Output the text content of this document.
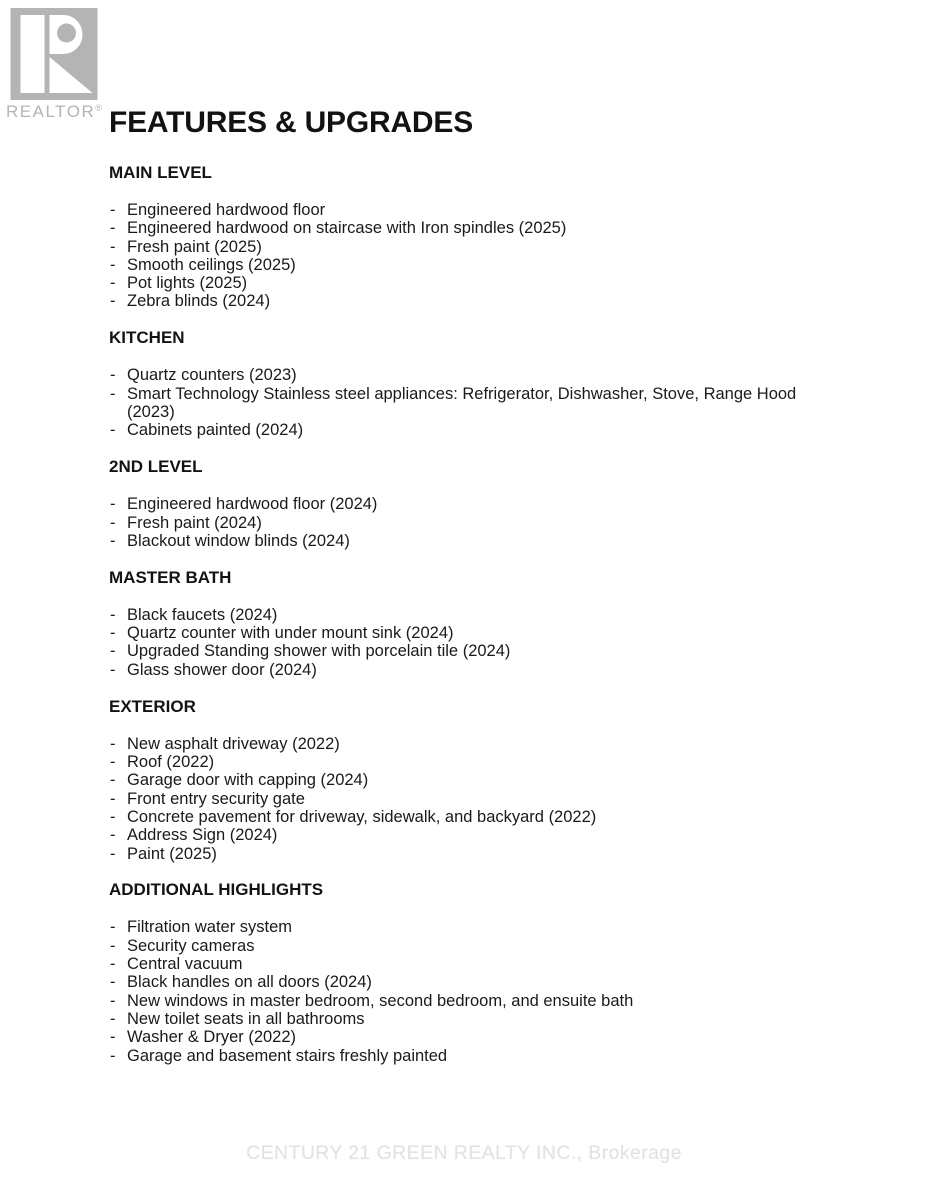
REALTOR® FEATURES & UPGRADES
MAIN LEVEL
- Engineered hardwood floor
- Engineered hardwood on staircase with Iron spindles (2025)
- Fresh paint (2025)
- Smooth ceilings (2025)
- Pot lights (2025)
- Zebra blinds (2024)
KITCHEN
- Quartz counters (2023)
- Smart Technology Stainless steel appliances: Refrigerator, Dishwasher, Stove, Range Hood (2023)
- Cabinets painted (2024)
2ND LEVEL
- Engineered hardwood floor (2024)
- Fresh paint (2024)
- Blackout window blinds (2024)
MASTER BATH
- Black faucets (2024)
- Quartz counter with under mount sink (2024)
- Upgraded Standing shower with porcelain tile (2024)
- Glass shower door (2024)
EXTERIOR
- New asphalt driveway (2022)
- Roof (2022)
- Garage door with capping (2024)
- Front entry security gate
- Concrete pavement for driveway, sidewalk, and backyard (2022)
- Address Sign (2024)
- Paint (2025)
ADDITIONAL HIGHLIGHTS
- Filtration water system
- Security cameras
- Central vacuum
- Black handles on all doors (2024)
- New windows in master bedroom, second bedroom, and ensuite bath
- New toilet seats in all bathrooms
- Washer & Dryer (2022)
- Garage and basement stairs freshly painted
CENTURY 21 GREEN REALTY INC., Brokerage
